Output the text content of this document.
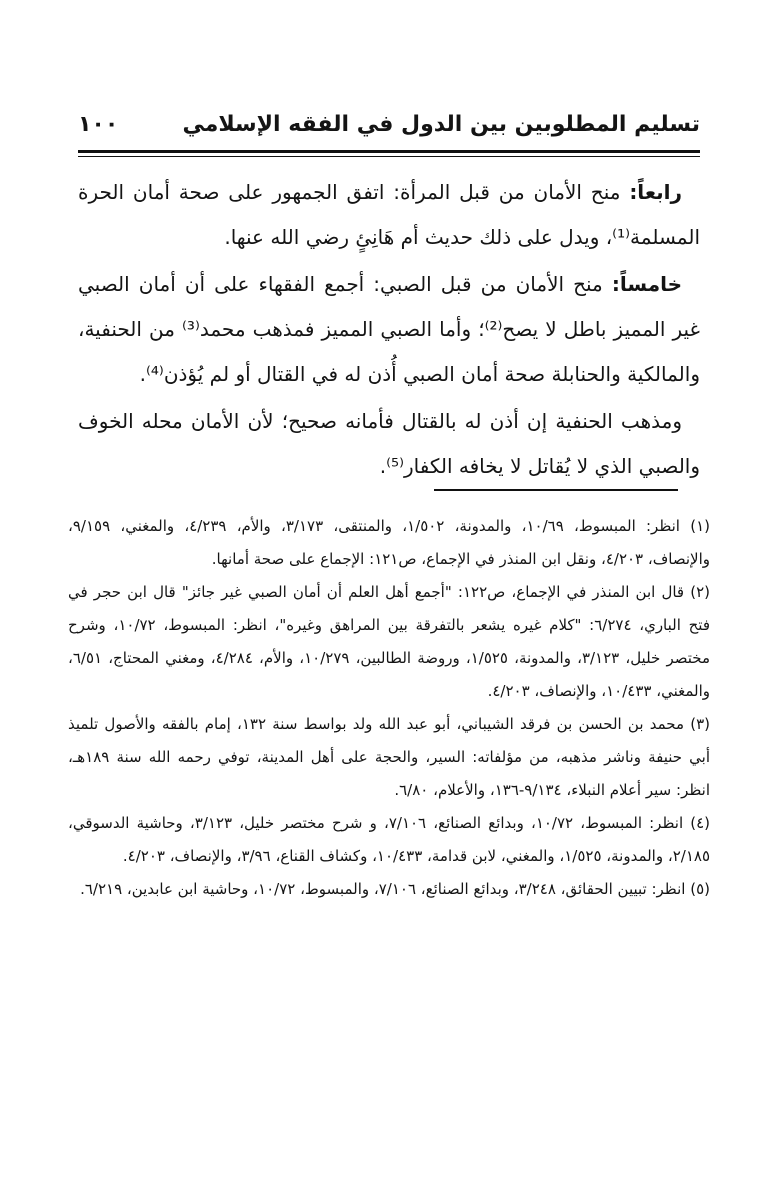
تسليم المطلوبين بين الدول في الفقه الإسلامي
١٠٠

رابعاً: منح الأمان من قبل المرأة: اتفق الجمهور على صحة أمان الحرة المسلمة⁽¹⁾، ويدل على ذلك حديث أم هَانِئٍ رضي الله عنها.

خامساً: منح الأمان من قبل الصبي: أجمع الفقهاء على أن أمان الصبي غير المميز باطل لا يصح⁽²⁾؛ وأما الصبي المميز فمذهب محمد⁽³⁾ من الحنفية، والمالكية والحنابلة صحة أمان الصبي أُذن له في القتال أو لم يُؤذن⁽⁴⁾.

ومذهب الحنفية إن أذن له بالقتال فأمانه صحيح؛ لأن الأمان محله الخوف والصبي الذي لا يُقاتل لا يخافه الكفار⁽⁵⁾.

(١) انظر: المبسوط، ١٠/٦٩، والمدونة، ١/٥٠٢، والمنتقى، ٣/١٧٣، والأم، ٤/٢٣٩، والمغني، ٩/١٥٩، والإنصاف، ٤/٢٠٣، ونقل ابن المنذر في الإجماع، ص١٢١: الإجماع على صحة أمانها.

(٢) قال ابن المنذر في الإجماع، ص١٢٢: "أجمع أهل العلم أن أمان الصبي غير جائز" قال ابن حجر في فتح الباري، ٦/٢٧٤: "كلام غيره يشعر بالتفرقة بين المراهق وغيره"، انظر: المبسوط، ١٠/٧٢، وشرح مختصر خليل، ٣/١٢٣، والمدونة، ١/٥٢٥، وروضة الطالبين، ١٠/٢٧٩، والأم، ٤/٢٨٤، ومغني المحتاج، ٦/٥١، والمغني، ١٠/٤٣٣، والإنصاف، ٤/٢٠٣.

(٣) محمد بن الحسن بن فرقد الشيباني، أبو عبد الله ولد بواسط سنة ١٣٢، إمام بالفقه والأصول تلميذ أبي حنيفة وناشر مذهبه، من مؤلفاته: السير، والحجة على أهل المدينة، توفي رحمه الله سنة ١٨٩هـ، انظر: سير أعلام النبلاء، ٩/١٣٤-١٣٦، والأعلام، ٦/٨٠.

(٤) انظر: المبسوط، ١٠/٧٢، وبدائع الصنائع، ٧/١٠٦، و شرح مختصر خليل، ٣/١٢٣، وحاشية الدسوقي، ٢/١٨٥، والمدونة، ١/٥٢٥، والمغني، لابن قدامة، ١٠/٤٣٣، وكشاف القناع، ٣/٩٦، والإنصاف، ٤/٢٠٣.

(٥) انظر: تبيين الحقائق، ٣/٢٤٨، وبدائع الصنائع، ٧/١٠٦، والمبسوط، ١٠/٧٢، وحاشية ابن عابدين، ٦/٢١٩.
